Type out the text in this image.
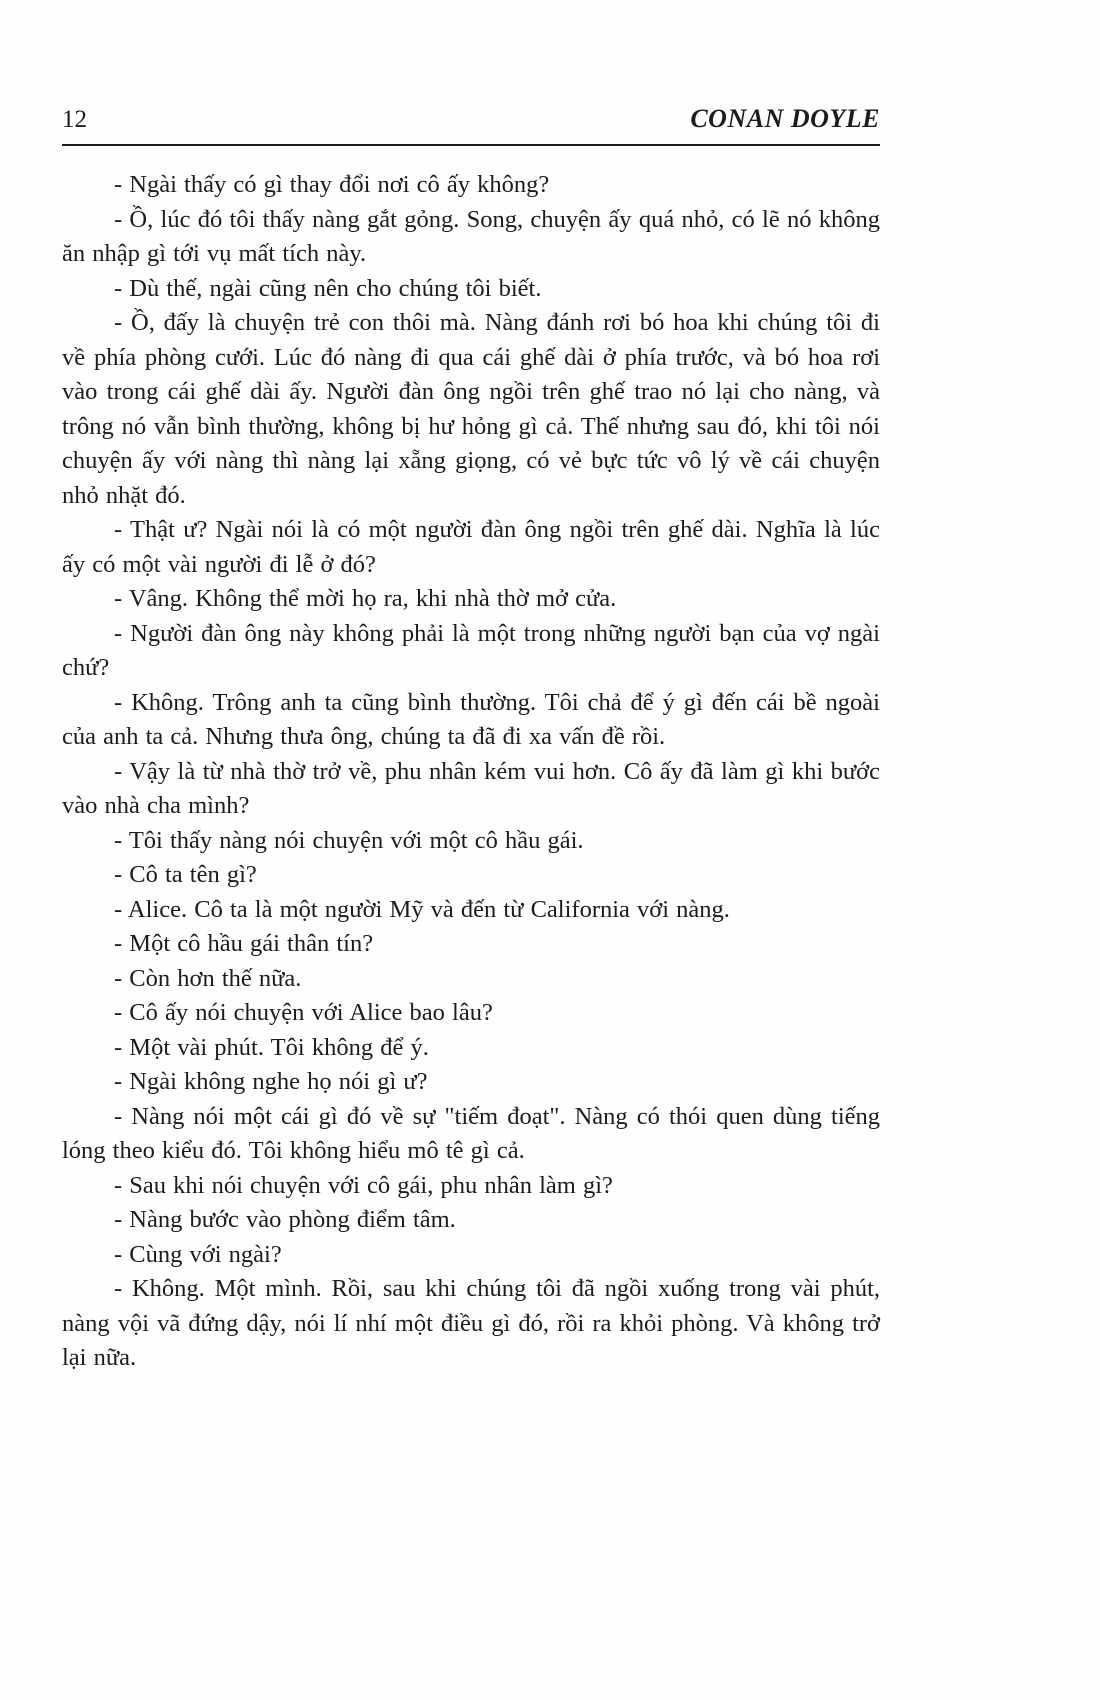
12	CONAN DOYLE

- Ngài thấy có gì thay đổi nơi cô ấy không?

- Ồ, lúc đó tôi thấy nàng gắt gỏng. Song, chuyện ấy quá nhỏ, có lẽ nó không ăn nhập gì tới vụ mất tích này.

- Dù thế, ngài cũng nên cho chúng tôi biết.

- Ồ, đấy là chuyện trẻ con thôi mà. Nàng đánh rơi bó hoa khi chúng tôi đi về phía phòng cưới. Lúc đó nàng đi qua cái ghế dài ở phía trước, và bó hoa rơi vào trong cái ghế dài ấy. Người đàn ông ngồi trên ghế trao nó lại cho nàng, và trông nó vẫn bình thường, không bị hư hỏng gì cả. Thế nhưng sau đó, khi tôi nói chuyện ấy với nàng thì nàng lại xẵng giọng, có vẻ bực tức vô lý về cái chuyện nhỏ nhặt đó.

- Thật ư? Ngài nói là có một người đàn ông ngồi trên ghế dài. Nghĩa là lúc ấy có một vài người đi lễ ở đó?

- Vâng. Không thể mời họ ra, khi nhà thờ mở cửa.

- Người đàn ông này không phải là một trong những người bạn của vợ ngài chứ?

- Không. Trông anh ta cũng bình thường. Tôi chả để ý gì đến cái bề ngoài của anh ta cả. Nhưng thưa ông, chúng ta đã đi xa vấn đề rồi.

- Vậy là từ nhà thờ trở về, phu nhân kém vui hơn. Cô ấy đã làm gì khi bước vào nhà cha mình?

- Tôi thấy nàng nói chuyện với một cô hầu gái.

- Cô ta tên gì?

- Alice. Cô ta là một người Mỹ và đến từ California với nàng.

- Một cô hầu gái thân tín?

- Còn hơn thế nữa.

- Cô ấy nói chuyện với Alice bao lâu?

- Một vài phút. Tôi không để ý.

- Ngài không nghe họ nói gì ư?

- Nàng nói một cái gì đó về sự "tiếm đoạt". Nàng có thói quen dùng tiếng lóng theo kiểu đó. Tôi không hiểu mô tê gì cả.

- Sau khi nói chuyện với cô gái, phu nhân làm gì?

- Nàng bước vào phòng điểm tâm.

- Cùng với ngài?

- Không. Một mình. Rồi, sau khi chúng tôi đã ngồi xuống trong vài phút, nàng vội vã đứng dậy, nói lí nhí một điều gì đó, rồi ra khỏi phòng. Và không trở lại nữa.
